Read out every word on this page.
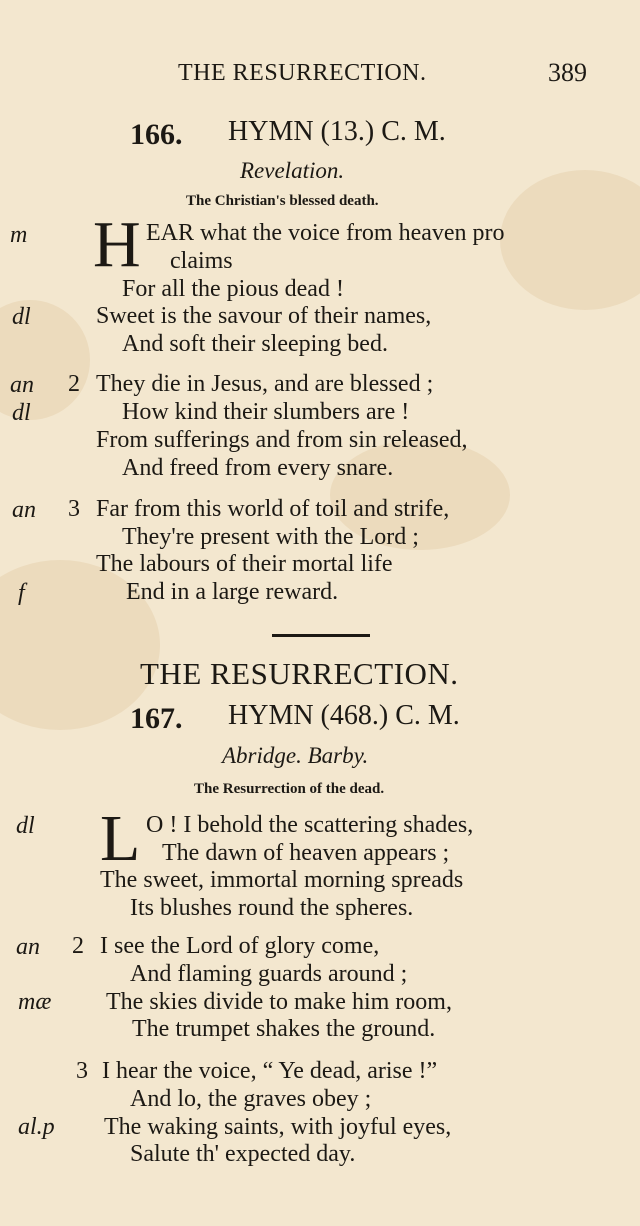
THE RESURRECTION.	389
166. HYMN (13.) C. M.
Revelation.
The Christian's blessed death.
m
dl
an
dl
an
f
2
3
H EAR what the voice from heaven pro
claims
For all the pious dead !
Sweet is the savour of their names,
And soft their sleeping bed.
They die in Jesus, and are blessed ;
How kind their slumbers are !
From sufferings and from sin released,
And freed from every snare.
Far from this world of toil and strife,
They're present with the Lord ;
The labours of their mortal life
End in a large reward.
THE RESURRECTION.
167. HYMN (468.) C. M.
Abridge. Barby.
The Resurrection of the dead.
dl
an
mæ
al.p
2
3
L O ! I behold the scattering shades,
The dawn of heaven appears ;
The sweet, immortal morning spreads
Its blushes round the spheres.
I see the Lord of glory come,
And flaming guards around ;
The skies divide to make him room,
The trumpet shakes the ground.
I hear the voice, “ Ye dead, arise !”
And lo, the graves obey ;
The waking saints, with joyful eyes,
Salute th' expected day.
